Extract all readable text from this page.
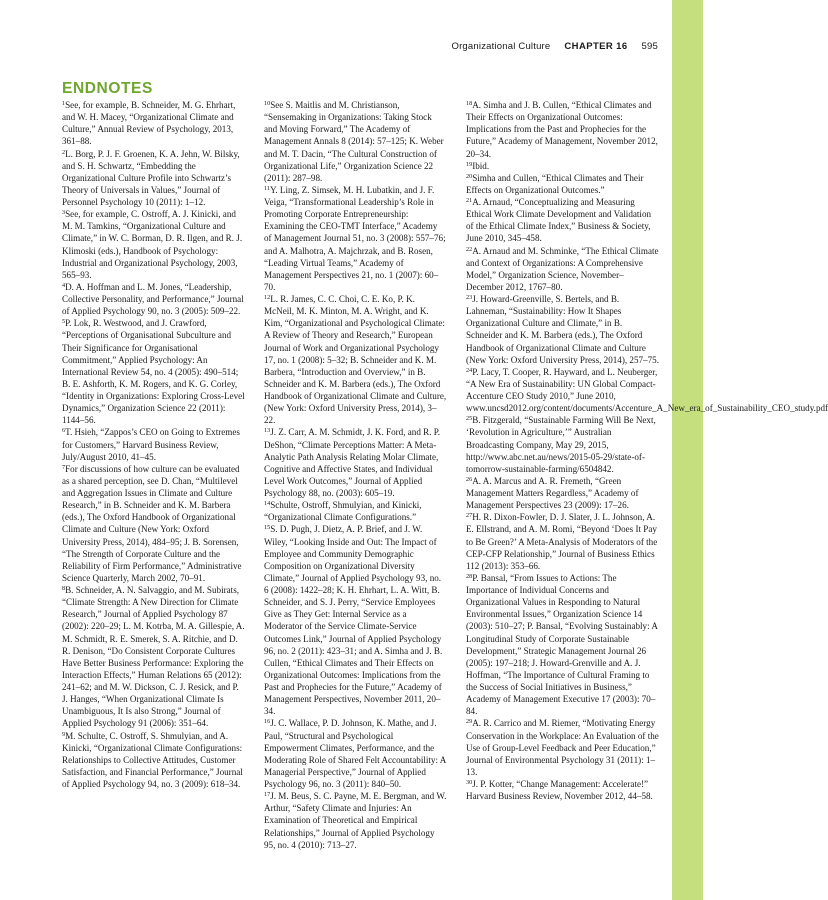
Organizational Culture CHAPTER 16 595
ENDNOTES

$^1$See, for example, B. Schneider, M. G. Ehrhart, and W. H. Macey, “Organizational Climate and Culture,” Annual Review of Psychology, 2013, 361–88.

$^2$L. Borg, P. J. F. Groenen, K. A. Jehn, W. Bilsky, and S. H. Schwartz, “Embedding the Organizational Culture Profile into Schwartz’s Theory of Universals in Values,” Journal of Personnel Psychology 10 (2011): 1–12.

$^3$See, for example, C. Ostroff, A. J. Kinicki, and M. M. Tamkins, “Organizational Culture and Climate,” in W. C. Borman, D. R. Ilgen, and R. J. Klimoski (eds.), Handbook of Psychology: Industrial and Organizational Psychology, 2003, 565–93.

$^4$D. A. Hoffman and L. M. Jones, “Leadership, Collective Personality, and Performance,” Journal of Applied Psychology 90, no. 3 (2005): 509–22.

$^5$P. Lok, R. Westwood, and J. Crawford, “Perceptions of Organisational Subculture and Their Significance for Organisational Commitment,” Applied Psychology: An International Review 54, no. 4 (2005): 490–514; B. E. Ashforth, K. M. Rogers, and K. G. Corley, “Identity in Organizations: Exploring Cross-Level Dynamics,” Organization Science 22 (2011): 1144–56.

$^6$T. Hsieh, “Zappos’s CEO on Going to Extremes for Customers,” Harvard Business Review, July/August 2010, 41–45.

$^7$For discussions of how culture can be evaluated as a shared perception, see D. Chan, “Multilevel and Aggregation Issues in Climate and Culture Research,” in B. Schneider and K. M. Barbera (eds.), The Oxford Handbook of Organizational Climate and Culture (New York: Oxford University Press, 2014), 484–95; J. B. Sorensen, “The Strength of Corporate Culture and the Reliability of Firm Performance,” Administrative Science Quarterly, March 2002, 70–91.

$^8$B. Schneider, A. N. Salvaggio, and M. Subirats, “Climate Strength: A New Direction for Climate Research,” Journal of Applied Psychology 87 (2002): 220–29; L. M. Kotrba, M. A. Gillespie, A. M. Schmidt, R. E. Smerek, S. A. Ritchie, and D. R. Denison, “Do Consistent Corporate Cultures Have Better Business Performance: Exploring the Interaction Effects,” Human Relations 65 (2012): 241–62; and M. W. Dickson, C. J. Resick, and P. J. Hanges, “When Organizational Climate Is Unambiguous, It Is also Strong,” Journal of Applied Psychology 91 (2006): 351–64.

$^9$M. Schulte, C. Ostroff, S. Shmulyian, and A. Kinicki, “Organizational Climate Configurations: Relationships to Collective Attitudes, Customer Satisfaction, and Financial Performance,” Journal of Applied Psychology 94, no. 3 (2009): 618–34.

$^{10}$See S. Maitlis and M. Christianson, “Sensemaking in Organizations: Taking Stock and Moving Forward,” The Academy of Management Annals 8 (2014): 57–125; K. Weber and M. T. Dacin, “The Cultural Construction of Organizational Life,” Organization Science 22 (2011): 287–98.

$^{11}$Y. Ling, Z. Simsek, M. H. Lubatkin, and J. F. Veiga, “Transformational Leadership’s Role in Promoting Corporate Entrepreneurship: Examining the CEO-TMT Interface,” Academy of Management Journal 51, no. 3 (2008): 557–76; and A. Malhotra, A. Majchrzak, and B. Rosen, “Leading Virtual Teams,” Academy of Management Perspectives 21, no. 1 (2007): 60–70.

$^{12}$L. R. James, C. C. Choi, C. E. Ko, P. K. McNeil, M. K. Minton, M. A. Wright, and K. Kim, “Organizational and Psychological Climate: A Review of Theory and Research,” European Journal of Work and Organizational Psychology 17, no. 1 (2008): 5–32; B. Schneider and K. M. Barbera, “Introduction and Overview,” in B. Schneider and K. M. Barbera (eds.), The Oxford Handbook of Organizational Climate and Culture, (New York: Oxford University Press, 2014), 3–22.

$^{13}$J. Z. Carr, A. M. Schmidt, J. K. Ford, and R. P. DeShon, “Climate Perceptions Matter: A Meta-Analytic Path Analysis Relating Molar Climate, Cognitive and Affective States, and Individual Level Work Outcomes,” Journal of Applied Psychology 88, no. (2003): 605–19.

$^{14}$Schulte, Ostroff, Shmulyian, and Kinicki, “Organizational Climate Configurations.”

$^{15}$S. D. Pugh, J. Dietz, A. P. Brief, and J. W. Wiley, “Looking Inside and Out: The Impact of Employee and Community Demographic Composition on Organizational Diversity Climate,” Journal of Applied Psychology 93, no. 6 (2008): 1422–28; K. H. Ehrhart, L. A. Witt, B. Schneider, and S. J. Perry, “Service Employees Give as They Get: Internal Service as a Moderator of the Service Climate-Service Outcomes Link,” Journal of Applied Psychology 96, no. 2 (2011): 423–31; and A. Simha and J. B. Cullen, “Ethical Climates and Their Effects on Organizational Outcomes: Implications from the Past and Prophecies for the Future,” Academy of Management Perspectives, November 2011, 20–34.

$^{16}$J. C. Wallace, P. D. Johnson, K. Mathe, and J. Paul, “Structural and Psychological Empowerment Climates, Performance, and the Moderating Role of Shared Felt Accountability: A Managerial Perspective,” Journal of Applied Psychology 96, no. 3 (2011): 840–50.

$^{17}$J. M. Beus, S. C. Payne, M. E. Bergman, and W. Arthur, “Safety Climate and Injuries: An Examination of Theoretical and Empirical Relationships,” Journal of Applied Psychology 95, no. 4 (2010): 713–27.

$^{18}$A. Simha and J. B. Cullen, “Ethical Climates and Their Effects on Organizational Outcomes: Implications from the Past and Prophecies for the Future,” Academy of Management, November 2012, 20–34.

$^{19}$Ibid.

$^{20}$Simha and Cullen, “Ethical Climates and Their Effects on Organizational Outcomes.”

$^{21}$A. Arnaud, “Conceptualizing and Measuring Ethical Work Climate Development and Validation of the Ethical Climate Index,” Business & Society, June 2010, 345–458.

$^{22}$A. Arnaud and M. Schminke, “The Ethical Climate and Context of Organizations: A Comprehensive Model,” Organization Science, November–December 2012, 1767–80.

$^{23}$J. Howard-Greenville, S. Bertels, and B. Lahneman, “Sustainability: How It Shapes Organizational Culture and Climate,” in B. Schneider and K. M. Barbera (eds.), The Oxford Handbook of Organizational Climate and Culture (New York: Oxford University Press, 2014), 257–75.

$^{24}$P. Lacy, T. Cooper, R. Hayward, and L. Neuberger, “A New Era of Sustainability: UN Global Compact-Accenture CEO Study 2010,” June 2010, www.uncsd2012.org/content/documents/Accenture_A_New_era_of_Sustainability_CEO_study.pdf

$^{25}$B. Fitzgerald, “Sustainable Farming Will Be Next, ‘Revolution in Agriculture,’” Australian Broadcasting Company, May 29, 2015, http://www.abc.net.au/news/2015-05-29/state-of-tomorrow-sustainable-farming/6504842.

$^{26}$A. A. Marcus and A. R. Fremeth, “Green Management Matters Regardless,” Academy of Management Perspectives 23 (2009): 17–26.

$^{27}$H. R. Dixon-Fowler, D. J. Slater, J. L. Johnson, A. E. Ellstrand, and A. M. Romi, “Beyond ‘Does It Pay to Be Green?’ A Meta-Analysis of Moderators of the CEP-CFP Relationship,” Journal of Business Ethics 112 (2013): 353–66.

$^{28}$P. Bansal, “From Issues to Actions: The Importance of Individual Concerns and Organizational Values in Responding to Natural Environmental Issues,” Organization Science 14 (2003): 510–27; P. Bansal, “Evolving Sustainably: A Longitudinal Study of Corporate Sustainable Development,” Strategic Management Journal 26 (2005): 197–218; J. Howard-Grenville and A. J. Hoffman, “The Importance of Cultural Framing to the Success of Social Initiatives in Business,” Academy of Management Executive 17 (2003): 70–84.

$^{29}$A. R. Carrico and M. Riemer, “Motivating Energy Conservation in the Workplace: An Evaluation of the Use of Group-Level Feedback and Peer Education,” Journal of Environmental Psychology 31 (2011): 1–13.

$^{30}$J. P. Kotter, “Change Management: Accelerate!” Harvard Business Review, November 2012, 44–58.
